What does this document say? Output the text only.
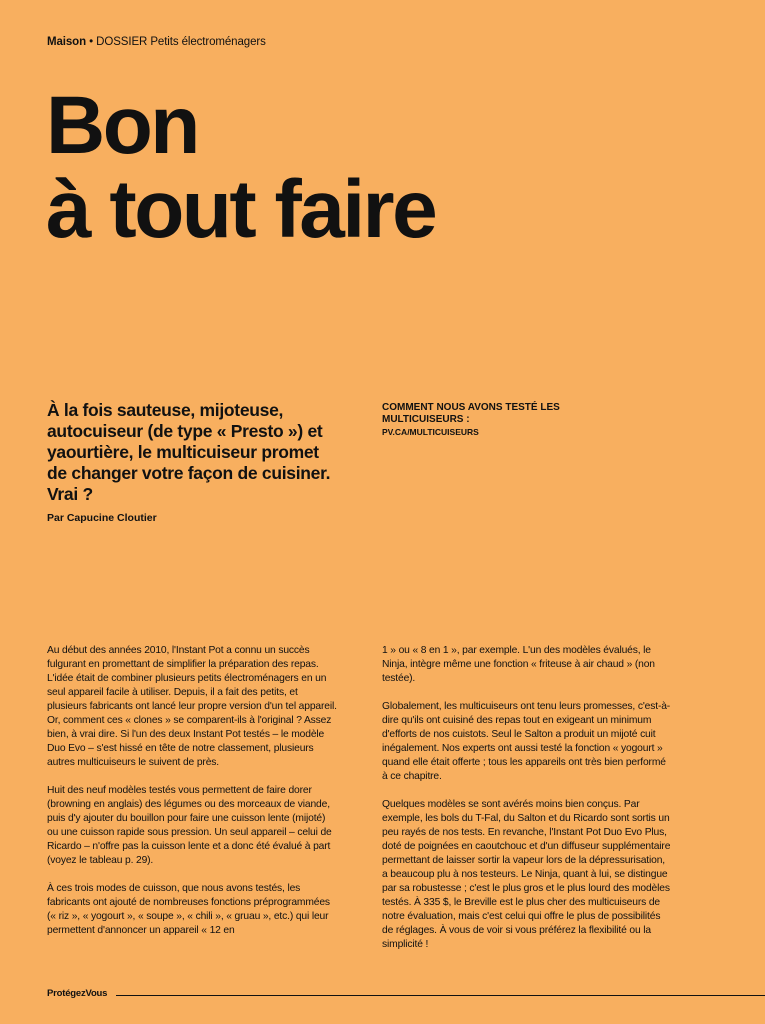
Maison • DOSSIER Petits électroménagers
Bon
à tout faire

À la fois sauteuse, mijoteuse, autocuiseur (de type « Presto ») et yaourtière, le multicuiseur promet de changer votre façon de cuisiner. Vrai ?

Par Capucine Cloutier
COMMENT NOUS AVONS TESTÉ LES MULTICUISEURS :
PV.CA/MULTICUISEURS

Au début des années 2010, l'Instant Pot a connu un succès fulgurant en promettant de simplifier la préparation des repas. L'idée était de combiner plusieurs petits électroménagers en un seul appareil facile à utiliser. Depuis, il a fait des petits, et plusieurs fabricants ont lancé leur propre version d'un tel appareil. Or, comment ces « clones » se comparent-ils à l'original ? Assez bien, à vrai dire. Si l'un des deux Instant Pot testés – le modèle Duo Evo – s'est hissé en tête de notre classement, plusieurs autres multicuiseurs le suivent de près.

Huit des neuf modèles testés vous permettent de faire dorer (browning en anglais) des légumes ou des morceaux de viande, puis d'y ajouter du bouillon pour faire une cuisson lente (mijoté) ou une cuisson rapide sous pression. Un seul appareil – celui de Ricardo – n'offre pas la cuisson lente et a donc été évalué à part (voyez le tableau p. 29).

À ces trois modes de cuisson, que nous avons testés, les fabricants ont ajouté de nombreuses fonctions préprogrammées (« riz », « yogourt », « soupe », « chili », « gruau », etc.) qui leur permettent d'annoncer un appareil « 12 en

1 » ou « 8 en 1 », par exemple. L'un des modèles évalués, le Ninja, intègre même une fonction « friteuse à air chaud » (non testée).

Globalement, les multicuiseurs ont tenu leurs promesses, c'est-à-dire qu'ils ont cuisiné des repas tout en exigeant un minimum d'efforts de nos cuistots. Seul le Salton a produit un mijoté cuit inégalement. Nos experts ont aussi testé la fonction « yogourt » quand elle était offerte ; tous les appareils ont très bien performé à ce chapitre.

Quelques modèles se sont avérés moins bien conçus. Par exemple, les bols du T-Fal, du Salton et du Ricardo sont sortis un peu rayés de nos tests. En revanche, l'Instant Pot Duo Evo Plus, doté de poignées en caoutchouc et d'un diffuseur supplémentaire permettant de laisser sortir la vapeur lors de la dépressurisation, a beaucoup plu à nos testeurs. Le Ninja, quant à lui, se distingue par sa robustesse ; c'est le plus gros et le plus lourd des modèles testés. À 335 $, le Breville est le plus cher des multicuiseurs de notre évaluation, mais c'est celui qui offre le plus de possibilités de réglages. À vous de voir si vous préférez la flexibilité ou la simplicité !

ProtégezVous
